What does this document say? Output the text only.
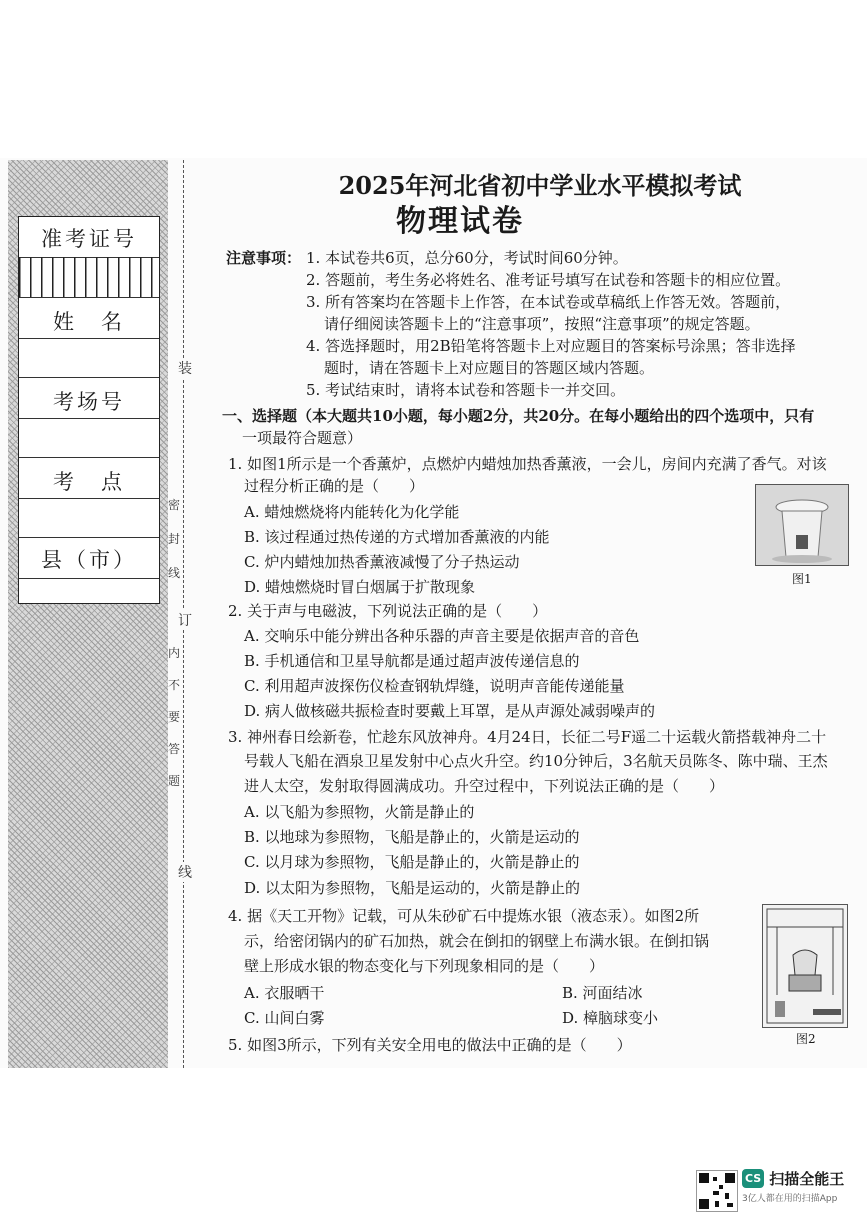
准考证号
姓　名
考场号
考　点
县（市）
装
订
线
密
封
线
内
不
要
答
题
2025年河北省初中学业水平模拟考试
物理试卷
注意事项： 1. 本试卷共6页，总分60分，考试时间60分钟。
2. 答题前，考生务必将姓名、准考证号填写在试卷和答题卡的相应位置。
3. 所有答案均在答题卡上作答，在本试卷或草稿纸上作答无效。答题前，
请仔细阅读答题卡上的“注意事项”，按照“注意事项”的规定答题。
4. 答选择题时，用2B铅笔将答题卡上对应题目的答案标号涂黑；答非选择
题时，请在答题卡上对应题目的答题区域内答题。
5. 考试结束时，请将本试卷和答题卡一并交回。
一、选择题（本大题共10小题，每小题2分，共20分。在每小题给出的四个选项中，只有
一项最符合题意）
1. 如图1所示是一个香薰炉，点燃炉内蜡烛加热香薰液，一会儿，房间内充满了香气。对该
过程分析正确的是（　　）
A. 蜡烛燃烧将内能转化为化学能
B. 该过程通过热传递的方式增加香薰液的内能
C. 炉内蜡烛加热香薰液减慢了分子热运动
D. 蜡烛燃烧时冒白烟属于扩散现象	图1
2. 关于声与电磁波，下列说法正确的是（　　）
A. 交响乐中能分辨出各种乐器的声音主要是依据声音的音色
B. 手机通信和卫星导航都是通过超声波传递信息的
C. 利用超声波探伤仪检查钢轨焊缝，说明声音能传递能量
D. 病人做核磁共振检查时要戴上耳罩，是从声源处减弱噪声的
3. 神州春日绘新卷，忙趁东风放神舟。4月24日，长征二号F遥二十运载火箭搭载神舟二十
号载人飞船在酒泉卫星发射中心点火升空。约10分钟后，3名航天员陈冬、陈中瑞、王杰
进人太空，发射取得圆满成功。升空过程中，下列说法正确的是（　　）
A. 以飞船为参照物，火箭是静止的
B. 以地球为参照物，飞船是静止的，火箭是运动的
C. 以月球为参照物，飞船是静止的，火箭是静止的
D. 以太阳为参照物，飞船是运动的，火箭是静止的
4. 据《天工开物》记载，可从朱砂矿石中提炼水银（液态汞）。如图2所
示，给密闭锅内的矿石加热，就会在倒扣的钢壁上布满水银。在倒扣锅
壁上形成水银的物态变化与下列现象相同的是（　　）
A. 衣服晒干	B. 河面结冰
C. 山间白雾	D. 樟脑球变小
图2
5. 如图3所示，下列有关安全用电的做法中正确的是（　　）
CS 扫描全能王
3亿人都在用的扫描App
